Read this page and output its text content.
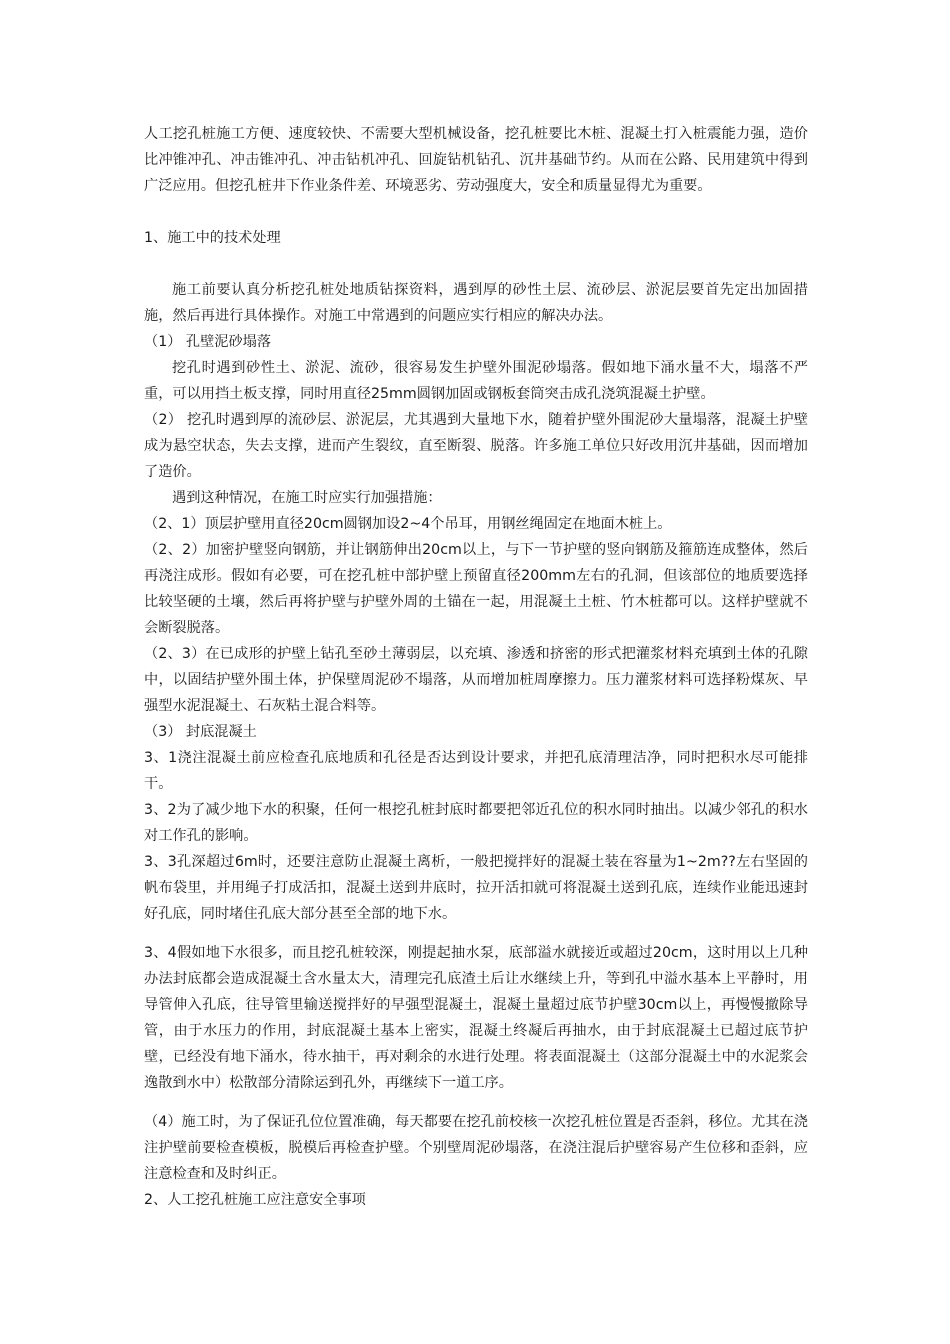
人工挖孔桩施工方便、速度较快、不需要大型机械设备，挖孔桩要比木桩、混凝土打入桩震能力强，造价比冲锥冲孔、冲击锥冲孔、冲击钻机冲孔、回旋钻机钻孔、沉井基础节约。从而在公路、民用建筑中得到广泛应用。但挖孔桩井下作业条件差、环境恶劣、劳动强度大，安全和质量显得尤为重要。

1、施工中的技术处理

施工前要认真分析挖孔桩处地质钻探资料，遇到厚的砂性土层、流砂层、淤泥层要首先定出加固措施，然后再进行具体操作。对施工中常遇到的问题应实行相应的解决办法。

（1） 孔壁泥砂塌落

挖孔时遇到砂性土、淤泥、流砂，很容易发生护壁外围泥砂塌落。假如地下涌水量不大，塌落不严重，可以用挡土板支撑，同时用直径25mm圆钢加固或钢板套筒突击成孔浇筑混凝土护壁。

（2） 挖孔时遇到厚的流砂层、淤泥层，尤其遇到大量地下水，随着护壁外围泥砂大量塌落，混凝土护壁成为悬空状态，失去支撑，进而产生裂纹，直至断裂、脱落。许多施工单位只好改用沉井基础，因而增加了造价。

遇到这种情况，在施工时应实行加强措施：

（2、1）顶层护壁用直径20cm圆钢加设2~4个吊耳，用钢丝绳固定在地面木桩上。

（2、2）加密护壁竖向钢筋，并让钢筋伸出20cm以上，与下一节护壁的竖向钢筋及箍筋连成整体，然后再浇注成形。假如有必要，可在挖孔桩中部护壁上预留直径200mm左右的孔洞，但该部位的地质要选择比较坚硬的土壤，然后再将护壁与护壁外周的土锚在一起，用混凝土土桩、竹木桩都可以。这样护壁就不会断裂脱落。

（2、3）在已成形的护壁上钻孔至砂土薄弱层，以充填、渗透和挤密的形式把灌浆材料充填到土体的孔隙中，以固结护壁外围土体，护保壁周泥砂不塌落，从而增加桩周摩擦力。压力灌浆材料可选择粉煤灰、早强型水泥混凝土、石灰粘土混合料等。

（3） 封底混凝土

3、1浇注混凝土前应检查孔底地质和孔径是否达到设计要求，并把孔底清理洁净，同时把积水尽可能排干。

3、2为了减少地下水的积聚，任何一根挖孔桩封底时都要把邻近孔位的积水同时抽出。以减少邻孔的积水对工作孔的影响。

3、3孔深超过6m时，还要注意防止混凝土离析，一般把搅拌好的混凝土装在容量为1~2m??左右坚固的帆布袋里，并用绳子打成活扣，混凝土送到井底时，拉开活扣就可将混凝土送到孔底，连续作业能迅速封好孔底，同时堵住孔底大部分甚至全部的地下水。

3、4假如地下水很多，而且挖孔桩较深，刚提起抽水泵，底部溢水就接近或超过20cm，这时用以上几种办法封底都会造成混凝土含水量太大，清理完孔底渣土后让水继续上升，等到孔中溢水基本上平静时，用导管伸入孔底，往导管里输送搅拌好的早强型混凝土，混凝土量超过底节护壁30cm以上，再慢慢撤除导管，由于水压力的作用，封底混凝土基本上密实，混凝土终凝后再抽水，由于封底混凝土已超过底节护壁，已经没有地下涌水，待水抽干，再对剩余的水进行处理。将表面混凝土（这部分混凝土中的水泥浆会逸散到水中）松散部分清除运到孔外，再继续下一道工序。

（4）施工时，为了保证孔位位置准确，每天都要在挖孔前校核一次挖孔桩位置是否歪斜，移位。尤其在浇注护壁前要检查模板，脱模后再检查护壁。个别壁周泥砂塌落，在浇注混后护壁容易产生位移和歪斜，应注意检查和及时纠正。

2、人工挖孔桩施工应注意安全事项
